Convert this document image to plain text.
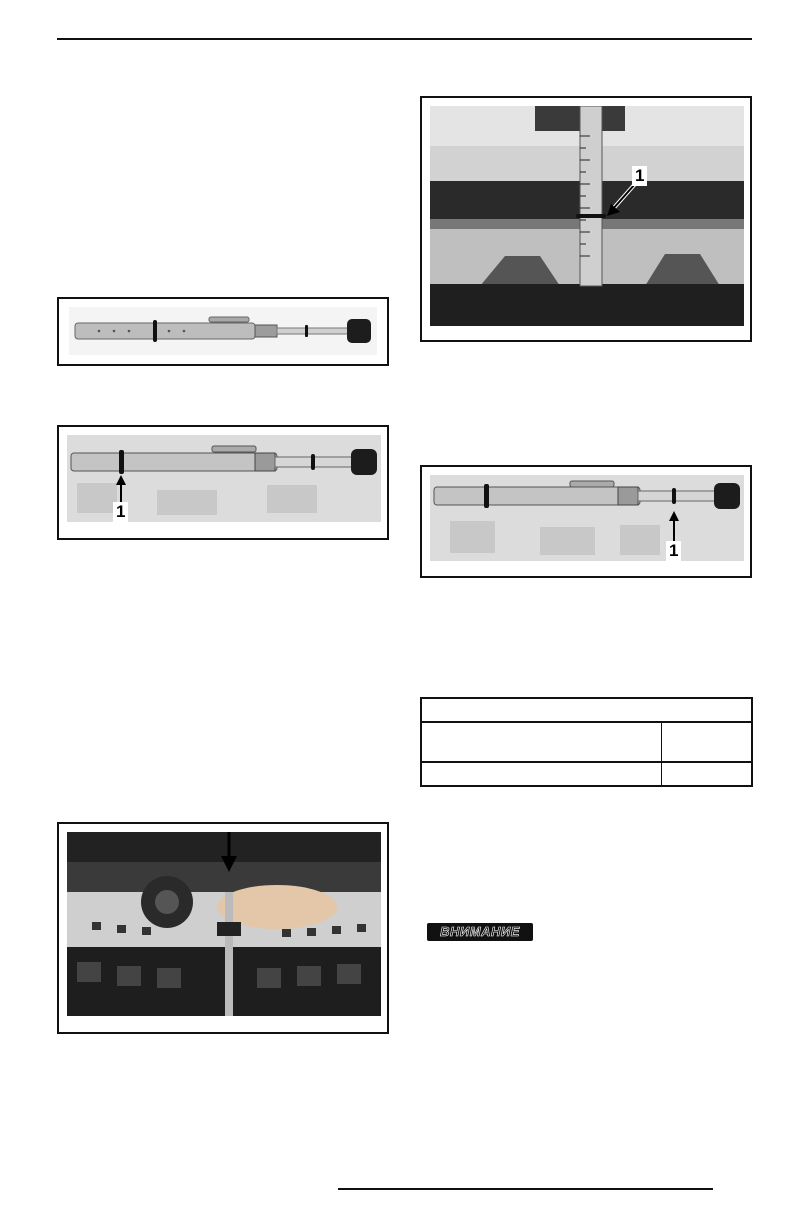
1
1
1
ВНИМАНИЕ
